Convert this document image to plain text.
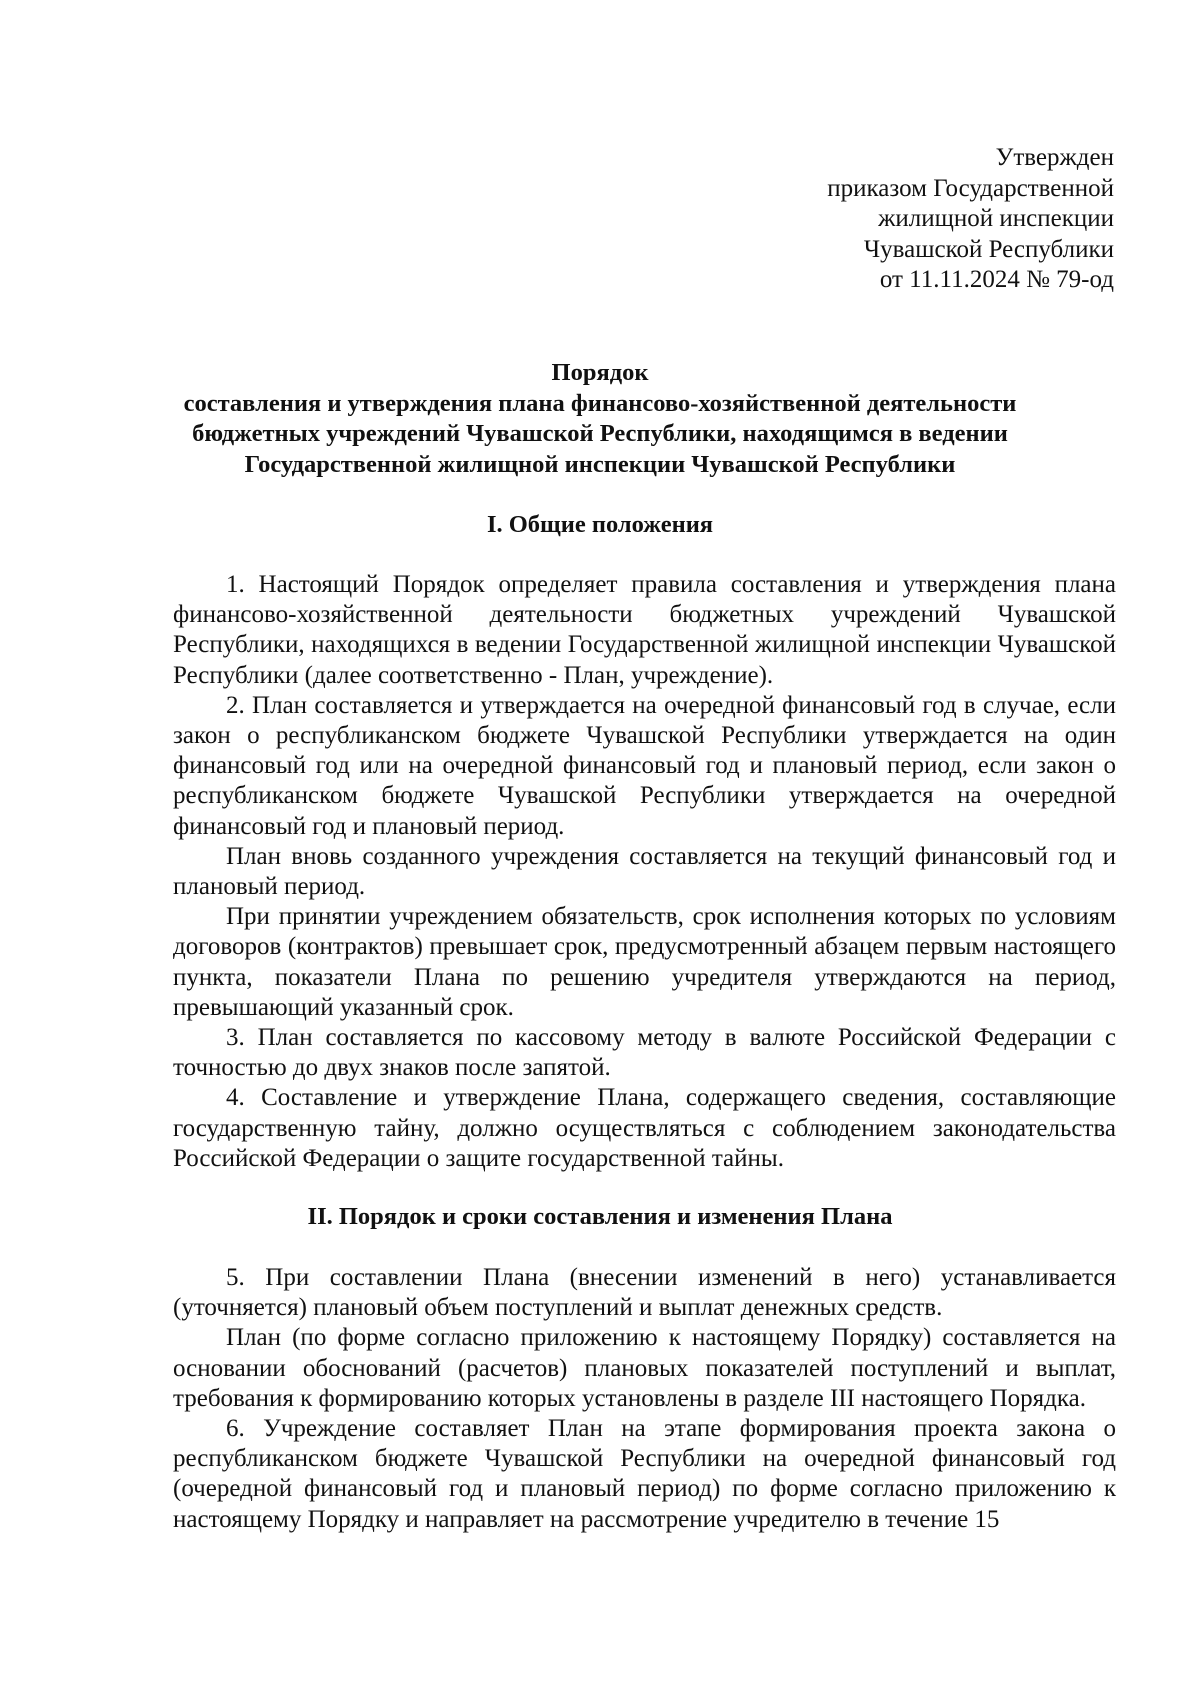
Утвержден
приказом Государственной
жилищной инспекции
Чувашской Республики
от 11.11.2024 № 79-од
Порядок
составления и утверждения плана финансово-хозяйственной деятельности
бюджетных учреждений Чувашской Республики, находящимся в ведении
Государственной жилищной инспекции Чувашской Республики
I. Общие положения

1. Настоящий Порядок определяет правила составления и утверждения плана финансово-хозяйственной деятельности бюджетных учреждений Чувашской Республики, находящихся в ведении Государственной жилищной инспекции Чувашской Республики (далее соответственно - План, учреждение).

2. План составляется и утверждается на очередной финансовый год в случае, если закон о республиканском бюджете Чувашской Республики утверждается на один финансовый год или на очередной финансовый год и плановый период, если закон о республиканском бюджете Чувашской Республики утверждается на очередной финансовый год и плановый период.

План вновь созданного учреждения составляется на текущий финансовый год и плановый период.

При принятии учреждением обязательств, срок исполнения которых по условиям договоров (контрактов) превышает срок, предусмотренный абзацем первым настоящего пункта, показатели Плана по решению учредителя утверждаются на период, превышающий указанный срок.

3. План составляется по кассовому методу в валюте Российской Федерации с точностью до двух знаков после запятой.

4. Составление и утверждение Плана, содержащего сведения, составляющие государственную тайну, должно осуществляться с соблюдением законодательства Российской Федерации о защите государственной тайны.

II. Порядок и сроки составления и изменения Плана

5. При составлении Плана (внесении изменений в него) устанавливается (уточняется) плановый объем поступлений и выплат денежных средств.

План (по форме согласно приложению к настоящему Порядку) составляется на основании обоснований (расчетов) плановых показателей поступлений и выплат, требования к формированию которых установлены в разделе III настоящего Порядка.

6. Учреждение составляет План на этапе формирования проекта закона о республиканском бюджете Чувашской Республики на очередной финансовый год (очередной финансовый год и плановый период) по форме согласно приложению к настоящему Порядку и направляет на рассмотрение учредителю в течение 15
